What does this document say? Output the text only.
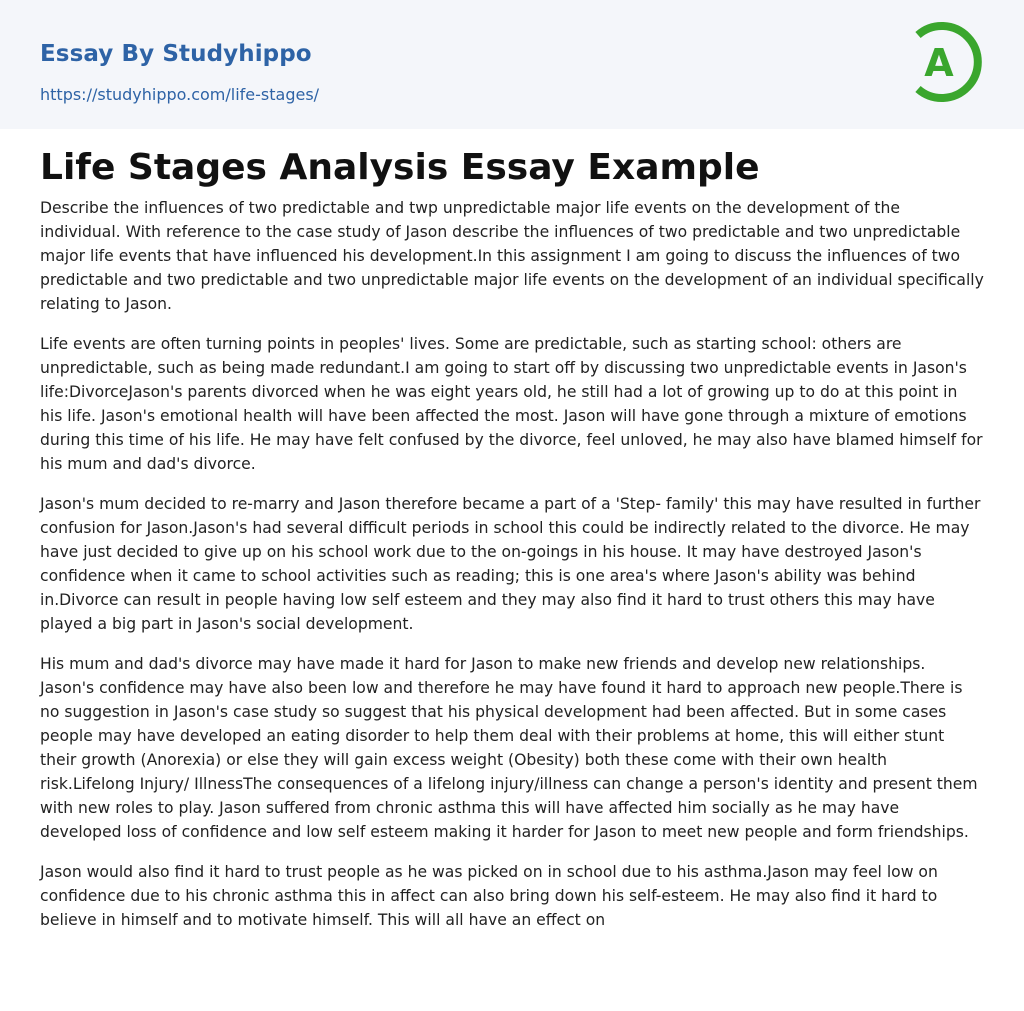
Essay By Studyhippo
https://studyhippo.com/life-stages/
A
Life Stages Analysis Essay Example

Describe the influences of two predictable and twp unpredictable major life events on the development of the individual. With reference to the case study of Jason describe the influences of two predictable and two unpredictable major life events that have influenced his development.In this assignment I am going to discuss the influences of two predictable and two predictable and two unpredictable major life events on the development of an individual specifically relating to Jason.

Life events are often turning points in peoples' lives. Some are predictable, such as starting school: others are unpredictable, such as being made redundant.I am going to start off by discussing two unpredictable events in Jason's life:DivorceJason's parents divorced when he was eight years old, he still had a lot of growing up to do at this point in his life. Jason's emotional health will have been affected the most. Jason will have gone through a mixture of emotions during this time of his life. He may have felt confused by the divorce, feel unloved, he may also have blamed himself for his mum and dad's divorce.

Jason's mum decided to re-marry and Jason therefore became a part of a 'Step- family' this may have resulted in further confusion for Jason.Jason's had several difficult periods in school this could be indirectly related to the divorce. He may have just decided to give up on his school work due to the on-goings in his house. It may have destroyed Jason's confidence when it came to school activities such as reading; this is one area's where Jason's ability was behind in.Divorce can result in people having low self esteem and they may also find it hard to trust others this may have played a big part in Jason's social development.

His mum and dad's divorce may have made it hard for Jason to make new friends and develop new relationships. Jason's confidence may have also been low and therefore he may have found it hard to approach new people.There is no suggestion in Jason's case study so suggest that his physical development had been affected. But in some cases people may have developed an eating disorder to help them deal with their problems at home, this will either stunt their growth (Anorexia) or else they will gain excess weight (Obesity) both these come with their own health risk.Lifelong Injury/ IllnessThe consequences of a lifelong injury/illness can change a person's identity and present them with new roles to play. Jason suffered from chronic asthma this will have affected him socially as he may have developed loss of confidence and low self esteem making it harder for Jason to meet new people and form friendships.

Jason would also find it hard to trust people as he was picked on in school due to his asthma.Jason may feel low on confidence due to his chronic asthma this in affect can also bring down his self-esteem. He may also find it hard to believe in himself and to motivate himself. This will all have an effect on
